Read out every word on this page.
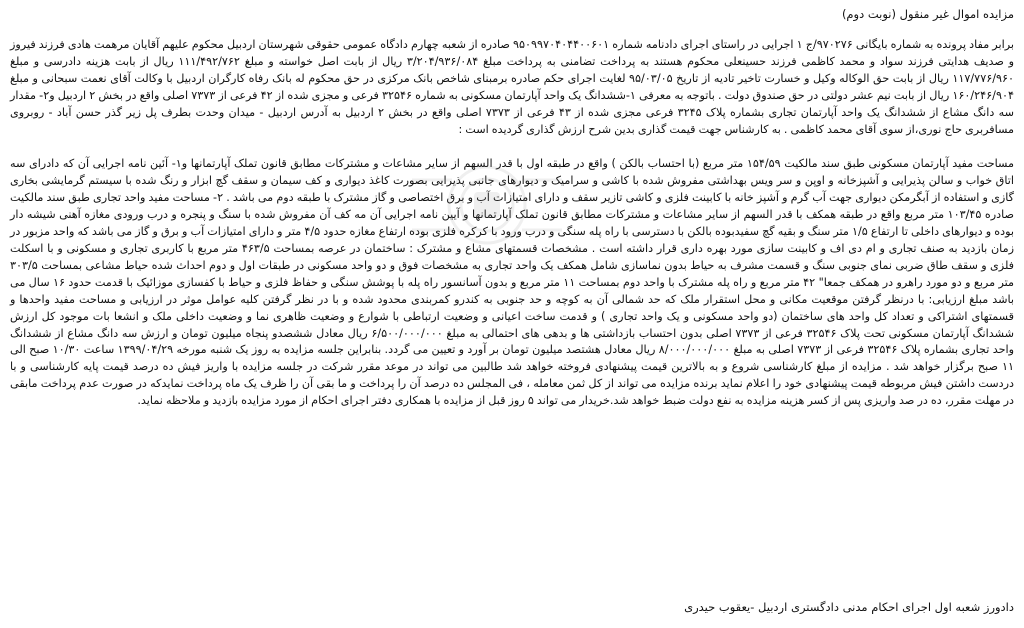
مزایده اموال غیر منقول (نوبت دوم)

برابر مفاد پرونده به شماره بایگانی ۹۷۰۲۷۶/ج ۱ اجرایی در راستای اجرای دادنامه شماره ۹۵۰۹۹۷۰۴۰۴۴۰۰۶۰۱ صادره از شعبه چهارم دادگاه عمومی حقوقی شهرستان اردبیل محکوم علیهم آقایان مرهمت هادی فرزند فیروز و صدیف هدایتی فرزند سواد و محمد کاظمی فرزند حسینعلی محکوم هستند به پرداخت تضامنی به پرداخت مبلغ ۳/۲۰۴/۹۳۶/۰۸۴ ریال از بابت اصل خواسته و مبلغ ۱۱۱/۴۹۲/۷۶۲ ریال از بابت هزینه دادرسی و مبلغ ۱۱۷/۷۷۶/۹۶۰ ریال از بابت حق الوکاله وکیل و خسارت تاخیر تادیه از تاریخ ۹۵/۰۳/۰۵ لغایت اجرای حکم صادره برمبنای شاخص بانک مرکزی در حق محکوم له بانک رفاه کارگران اردبیل با وکالت آقای نعمت سبحانی و مبلغ ۱۶۰/۲۴۶/۹۰۴ ریال از بابت نیم عشر دولتی در حق صندوق دولت . باتوجه به معرفی ۱-ششدانگ یک واحد آپارتمان مسکونی به شماره ۳۲۵۴۶ فرعی و مجزی شده از ۴۲ فرعی از ۷۳۷۳ اصلی واقع در بخش ۲ اردبیل و۲- مقدار سه دانگ مشاع از ششدانگ یک واحد آپارتمان تجاری بشماره پلاک ۳۲۴۵ فرعی مجزی شده از ۴۳ فرعی از ۷۳۷۳ اصلی واقع در بخش ۲ اردبیل به آدرس اردبیل - میدان وحدت بطرف پل زیر گذر حسن آباد - روبروی مسافربری حاج نوری،از سوی آقای محمد کاظمی . به کارشناس جهت قیمت گذاری بدین شرح ارزش گذاری گردیده است :

مساحت مفید آپارتمان مسکونی طبق سند مالکیت ۱۵۴/۵۹ متر مربع (با احتساب بالکن ) واقع در طبقه اول با قدر السهم از سایر مشاعات و مشترکات مطابق قانون تملک آپارتمانها و۱- آئین نامه اجرایی آن که دادرای سه اتاق خواب و سالن پذیرایی و آشپزخانه و اوپن و سر ویس بهداشتی مفروش شده با کاشی و سرامیک و دیوارهای جانبی پذیرایی بصورت کاغذ دیواری و کف سیمان و سقف گچ ابزار و رنگ شده با سیستم گرمایشی بخاری گازی و استفاده از آبگرمکن دیواری جهت آب گرم و آشپز خانه با کابینت فلزی و کاشی تازیر سقف و دارای امتیازات آب و برق اختصاصی و گاز مشترک با طبقه دوم می باشد . ۲- مساحت مفید واحد تجاری طبق سند مالکیت صادره ۱۰۳/۴۵ متر مربع واقع در طبقه همکف با قدر السهم از سایر مشاعات و مشترکات مطابق قانون تملک آپارتمانها و آیین نامه اجرایی آن مه کف آن مفروش شده با سنگ و پنجره و درب ورودی مغازه آهنی شیشه دار بوده و دیوارهای داخلی تا ارتفاع ۱/۵ متر سنگ و بقیه گچ سفیدبوده بالکن با دسترسی با راه پله سنگی و درب ورود با کرکره فلزی بوده ارتفاع مغازه حدود ۴/۵ متر و دارای امتیازات آب و برق و گاز می باشد که واحد مزبور در زمان بازدید به صنف تجاری و ام دی اف و کابینت سازی مورد بهره داری قرار داشته است . مشخصات قسمتهای مشاع و مشترک : ساختمان در عرصه بمساحت ۴۶۳/۵ متر مربع با کاربری تجاری و مسکونی و با اسکلت فلزی و سقف طاق ضربی نمای جنوبی سنگ و قسمت مشرف به حیاط بدون نماسازی شامل همکف یک واحد تجاری به مشخصات فوق و دو واحد مسکونی در طبقات اول و دوم احداث شده حیاط مشاعی بمساحت ۳۰۳/۵ متر مربع و دو مورد راهرو در همکف جمعا" ۴۲ متر مربع و راه پله مشترک با واحد دوم بمساحت ۱۱ متر مربع و بدون آسانسور راه پله با پوشش سنگی و حفاظ فلزی و حیاط با کفسازی موزائیک با قدمت حدود ۱۶ سال می باشد مبلغ ارزیابی: با درنظر گرفتن موقعیت مکانی و محل استقرار ملک که حد شمالی آن به کوچه و حد جنوبی به کندرو کمربندی محدود شده و با در نظر گرفتن کلیه عوامل موثر در ارزیابی و مساحت مفید واحدها و قسمتهای اشتراکی و تعداد کل واحد های ساختمان (دو واحد مسکونی و یک واحد تجاری ) و قدمت ساخت اعیانی و وضعیت ارتباطی با شوارع و وضعیت ظاهری نما و وضعیت داخلی ملک و انشعا بات موجود کل ارزش ششدانگ آپارتمان مسکونی تحت پلاک ۳۲۵۴۶ فرعی از ۷۳۷۳ اصلی بدون احتساب بازداشتی ها و بدهی های احتمالی به مبلغ ۶/۵۰۰/۰۰۰/۰۰۰ ریال معادل ششصدو پنجاه میلیون تومان و ارزش سه دانگ مشاع از ششدانگ واحد تجاری بشماره پلاک ۳۲۵۴۶ فرعی از ۷۳۷۳ اصلی به مبلغ ۸/۰۰۰/۰۰۰/۰۰۰ ریال معادل هشتصد میلیون تومان بر آورد و تعیین می گردد. بنابراین جلسه مزایده به روز یک شنبه مورخه ۱۳۹۹/۰۴/۲۹ ساعت ۱۰/۳۰ صبح الی ۱۱ صبح برگزار خواهد شد . مزایده از مبلغ کارشناسی شروع و به بالاترین قیمت پیشنهادی فروخته خواهد شد طالبین می تواند در موعد مقرر شرکت در جلسه مزایده با واریز فیش ده درصد قیمت پایه کارشناسی و با دردست داشتن فیش مربوطه قیمت پیشنهادی خود را اعلام نماید برنده مزایده می تواند از کل ثمن معامله ، فی المجلس ده درصد آن را پرداخت و ما بقی آن را ظرف یک ماه پرداخت نمایدکه در صورت عدم پرداخت مابقی در مهلت مقرر، ده در صد واریزی پس از کسر هزینه مزایده به نفع دولت ضبط خواهد شد.خریدار می تواند ۵ روز قبل از مزایده با همکاری دفتر اجرای احکام از مورد مزایده بازدید و ملاحظه نماید.

دادورز شعبه اول اجرای احکام مدنی دادگستری اردبیل -یعقوب حیدری
